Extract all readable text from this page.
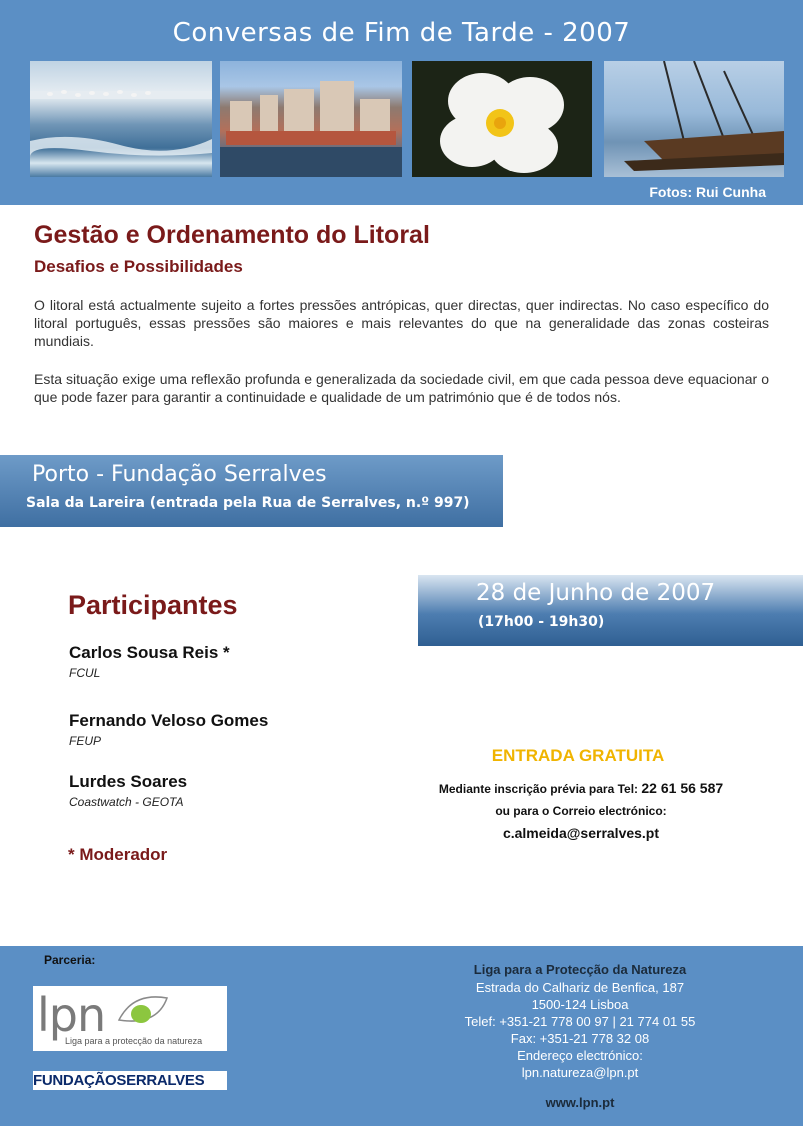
Conversas de Fim de Tarde - 2007
Fotos: Rui Cunha
Gestão e Ordenamento do Litoral
Desafios e Possibilidades

O litoral está actualmente sujeito a fortes pressões antrópicas, quer directas, quer indirectas. No caso específico do litoral português, essas pressões são maiores e mais relevantes do que na generalidade das zonas costeiras mundiais.

Esta situação exige uma reflexão profunda e generalizada da sociedade civil, em que cada pessoa deve equacionar o que pode fazer para garantir a continuidade e qualidade de um património que é de todos nós.

Porto - Fundação Serralves
Sala da Lareira (entrada pela Rua de Serralves, n.º 997)
28 de Junho de 2007
(17h00 - 19h30)
Participantes
Carlos Sousa Reis *
FCUL
Fernando Veloso Gomes
FEUP
Lurdes Soares
Coastwatch - GEOTA
* Moderador
ENTRADA GRATUITA
Mediante inscrição prévia para Tel: 22 61 56 587
ou para o Correio electrónico:
c.almeida@serralves.pt
Parceria:
lpn
Liga para a protecção da natureza
FUNDAÇÃOSERRALVES
Liga para a Protecção da Natureza
Estrada do Calhariz de Benfica, 187
1500-124 Lisboa
Telef: +351-21 778 00 97 | 21 774 01 55
Fax: +351-21 778 32 08
Endereço electrónico:
lpn.natureza@lpn.pt
www.lpn.pt
